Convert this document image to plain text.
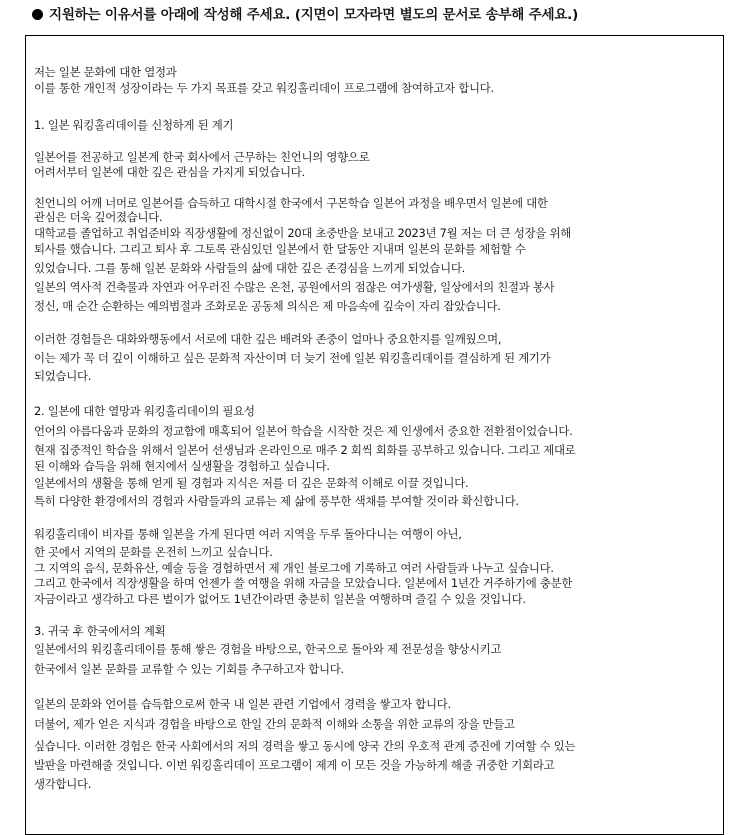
지원하는 이유서를 아래에 작성해 주세요. (지면이 모자라면 별도의 문서로 송부해 주세요.)
저는 일본 문화에 대한 열정과
이를 통한 개인적 성장이라는 두 가지 목표를 갖고 워킹홀리데이 프로그램에 참여하고자 합니다.
1. 일본 워킹홀리데이를 신청하게 된 계기
일본어를 전공하고 일본계 한국 회사에서 근무하는 친언니의 영향으로
어려서부터 일본에 대한 깊은 관심을 가지게 되었습니다.
친언니의 어깨 너머로 일본어를 습득하고 대학시절 한국에서 구몬학습 일본어 과정을 배우면서 일본에 대한
관심은 더욱 깊어졌습니다.
대학교를 졸업하고 취업준비와 직장생활에 정신없이 20대 초중반을 보내고 2023년 7월 저는 더 큰 성장을 위해
퇴사를 했습니다. 그리고 퇴사 후 그토록 관심있던 일본에서 한 달동안 지내며 일본의 문화를 체험할 수
있었습니다. 그를 통해 일본 문화와 사람들의 삶에 대한 깊은 존경심을 느끼게 되었습니다.
일본의 역사적 건축물과 자연과 어우러진 수많은 온천, 공원에서의 점잖은 여가생활, 일상에서의 친절과 봉사
정신, 매 순간 순환하는 예의범절과 조화로운 공동체 의식은 제 마음속에 깊숙이 자리 잡았습니다.
이러한 경험들은 대화와행동에서 서로에 대한 깊은 배려와 존중이 얼마나 중요한지를 일깨웠으며,
이는 제가 꼭 더 깊이 이해하고 싶은 문화적 자산이며 더 늦기 전에 일본 워킹홀리데이를 결심하게 된 계기가
되었습니다.
2. 일본에 대한 열망과 워킹홀리데이의 필요성
언어의 아름다움과 문화의 정교함에 매혹되어 일본어 학습을 시작한 것은 제 인생에서 중요한 전환점이었습니다.
현재 집중적인 학습을 위해서 일본어 선생님과 온라인으로 매주 2 회씩 회화를 공부하고 있습니다. 그리고 제대로
된 이해와 습득을 위해 현지에서 실생활을 경험하고 싶습니다.
일본에서의 생활을 통해 얻게 될 경험과 지식은 저를 더 깊은 문화적 이해로 이끌 것입니다.
특히 다양한 환경에서의 경험과 사람들과의 교류는 제 삶에 풍부한 색채를 부여할 것이라 확신합니다.
워킹홀리데이 비자를 통해 일본을 가게 된다면 여러 지역을 두루 돌아다니는 여행이 아닌,
한 곳에서 지역의 문화를 온전히 느끼고 싶습니다.
그 지역의 음식, 문화유산, 예술 등을 경험하면서 제 개인 블로그에 기록하고 여러 사람들과 나누고 싶습니다.
그리고 한국에서 직장생활을 하며 언젠가 쓸 여행을 위해 자금을 모았습니다. 일본에서 1년간 거주하기에 충분한
자금이라고 생각하고 다른 벌이가 없어도 1년간이라면 충분히 일본을 여행하며 즐길 수 있을 것입니다.
3. 귀국 후 한국에서의 계획
일본에서의 워킹홀리데이를 통해 쌓은 경험을 바탕으로, 한국으로 돌아와 제 전문성을 향상시키고
한국에서 일본 문화를 교류할 수 있는 기회를 추구하고자 합니다.
일본의 문화와 언어를 습득함으로써 한국 내 일본 관련 기업에서 경력을 쌓고자 합니다.
더불어, 제가 얻은 지식과 경험을 바탕으로 한일 간의 문화적 이해와 소통을 위한 교류의 장을 만들고
싶습니다. 이러한 경험은 한국 사회에서의 저의 경력을 쌓고 동시에 양국 간의 우호적 관계 증진에 기여할 수 있는
발판을 마련해줄 것입니다. 이번 워킹홀리데이 프로그램이 제게 이 모든 것을 가능하게 해줄 귀중한 기회라고
생각합니다.
